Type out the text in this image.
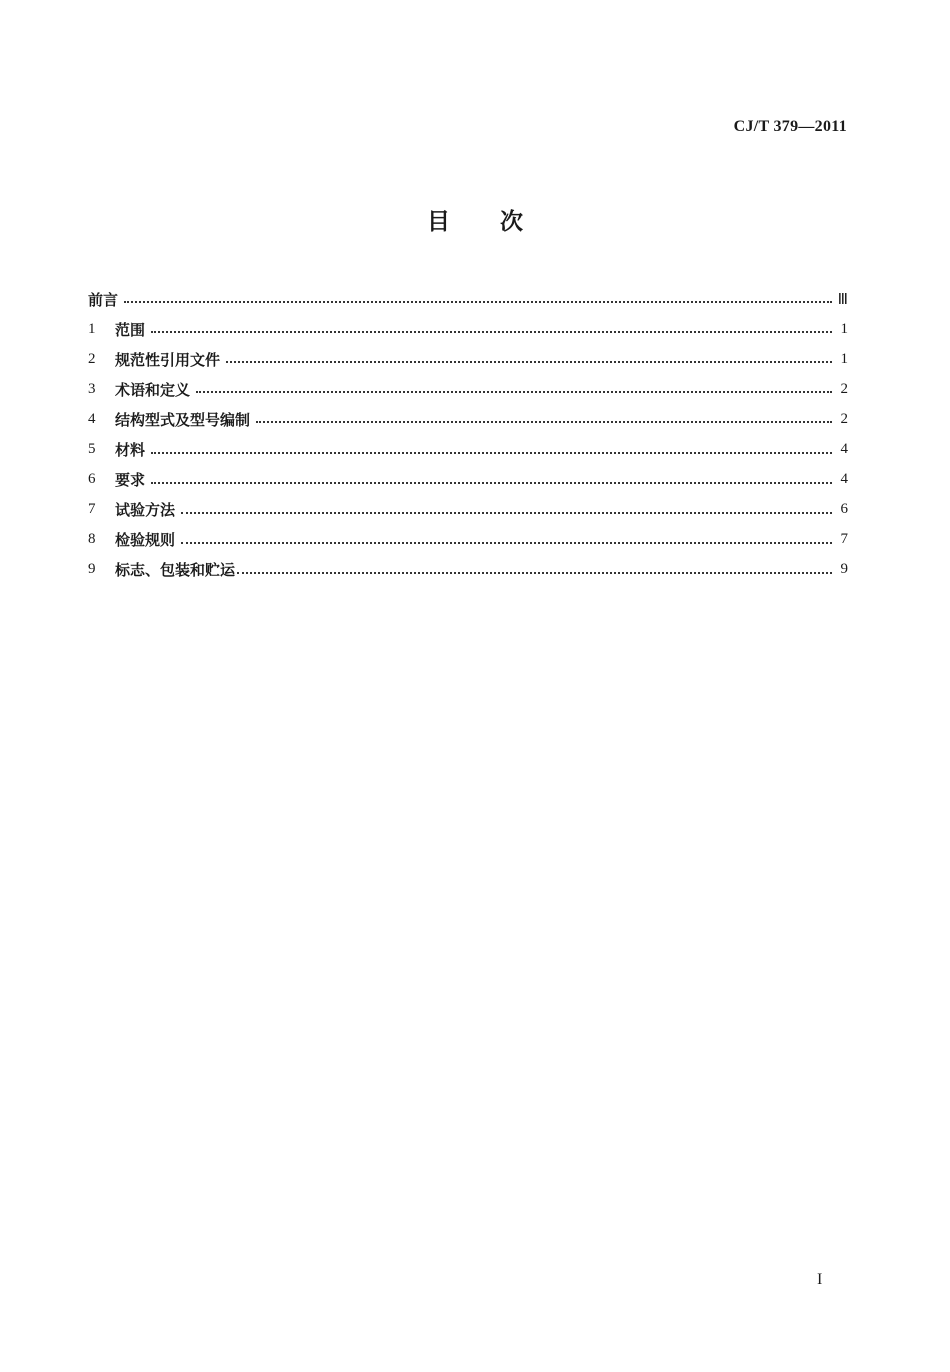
CJ/T 379—2011
目 次
前言	Ⅲ
1	范围	1
2	规范性引用文件	1
3	术语和定义	2
4	结构型式及型号编制	2
5	材料	4
6	要求	4
7	试验方法	6
8	检验规则	7
9	标志、包装和贮运	9
I
